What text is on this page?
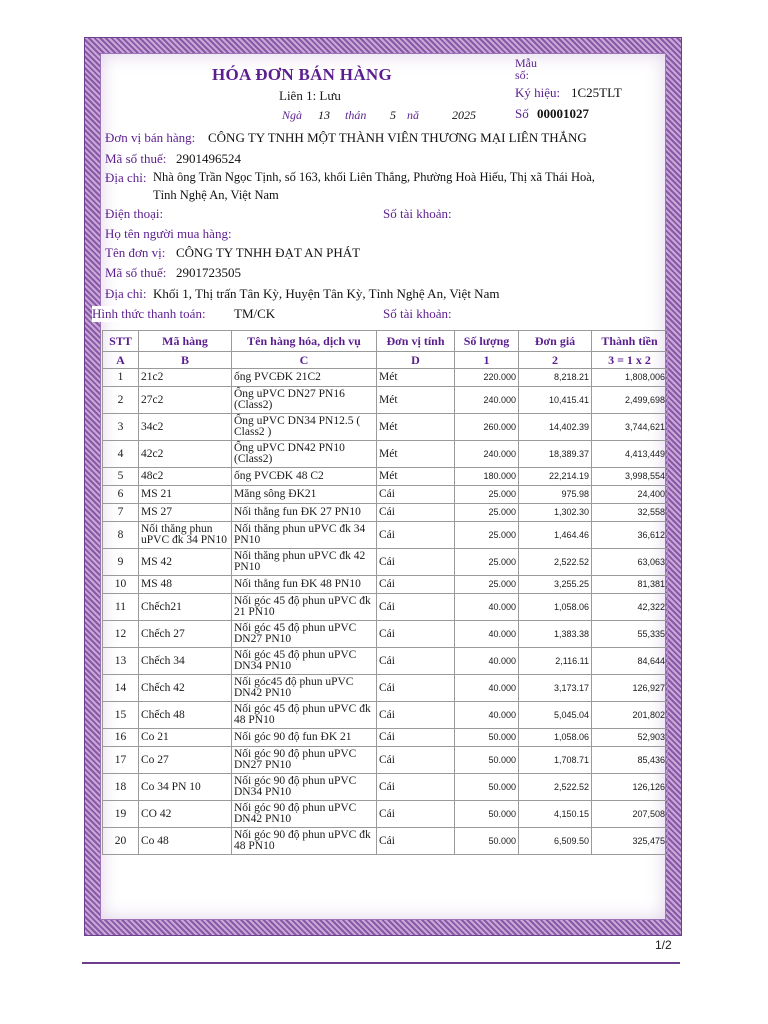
HÓA ĐƠN BÁN HÀNG
Mẫu số:
Liên 1: Lưu	Ký hiệu: 1C25TLT
Số 00001027
Ngà 13 thán 5 nă	2025
Đơn vị bán hàng: CÔNG TY TNHH MỘT THÀNH VIÊN THƯƠNG MẠI LIÊN THẮNG
Mã số thuế: 2901496524
Địa chỉ: Nhà ông Trần Ngọc Tịnh, số 163, khối Liên Thắng, Phường Hoà Hiếu, Thị xã Thái Hoà,
Tỉnh Nghệ An, Việt Nam
Điện thoại:	Số tài khoản:
Họ tên người mua hàng:
Tên đơn vị: CÔNG TY TNHH ĐẠT AN PHÁT
Mã số thuế: 2901723505
Địa chỉ: Khối 1, Thị trấn Tân Kỳ, Huyện Tân Kỳ, Tỉnh Nghệ An, Việt Nam
Hình thức thanh toán: TM/CK	Số tài khoản:
STT	Mã hàng	Tên hàng hóa, dịch vụ	Đơn vị tính	Số lượng	Đơn giá	Thành tiền
A	B	C	D	1	2	3 = 1 x 2
1	21c2	ống PVCĐK 21C2	Mét	220.000	8,218.21	1,808,006
2	27c2	Ống uPVC DN27 PN16 (Class2)	Mét	240.000	10,415.41	2,499,698
3	34c2	Ống uPVC DN34 PN12.5 ( Class2 )	Mét	260.000	14,402.39	3,744,621
4	42c2	Ống uPVC DN42 PN10 (Class2)	Mét	240.000	18,389.37	4,413,449
5	48c2	ống PVCĐK 48 C2	Mét	180.000	22,214.19	3,998,554
6	MS 21	Măng sông ĐK21	Cái	25.000	975.98	24,400
7	MS 27	Nối thẳng fun ĐK 27 PN10	Cái	25.000	1,302.30	32,558
8	Nối thăng phun uPVC đk 34 PN10	Nối thăng phun uPVC đk 34 PN10	Cái	25.000	1,464.46	36,612
9	MS 42	Nối thăng phun uPVC đk 42 PN10	Cái	25.000	2,522.52	63,063
10	MS 48	Nối thẳng fun ĐK 48 PN10	Cái	25.000	3,255.25	81,381
11	Chếch21	Nối góc 45 độ phun uPVC đk 21 PN10	Cái	40.000	1,058.06	42,322
12	Chếch 27	Nối góc 45 độ phun uPVC DN27 PN10	Cái	40.000	1,383.38	55,335
13	Chếch 34	Nối góc 45 độ phun uPVC DN34 PN10	Cái	40.000	2,116.11	84,644
14	Chếch 42	Nối góc45 độ phun uPVC DN42 PN10	Cái	40.000	3,173.17	126,927
15	Chếch 48	Nối góc 45 độ phun uPVC đk 48 PN10	Cái	40.000	5,045.04	201,802
16	Co 21	Nối góc 90 độ fun ĐK 21	Cái	50.000	1,058.06	52,903
17	Co 27	Nối góc 90 độ phun uPVC DN27 PN10	Cái	50.000	1,708.71	85,436
18	Co 34 PN 10	Nối góc 90 độ phun uPVC DN34 PN10	Cái	50.000	2,522.52	126,126
19	CO 42	Nối góc 90 độ phun uPVC DN42 PN10	Cái	50.000	4,150.15	207,508
20	Co 48	Nối góc 90 độ phun uPVC đk 48 PN10	Cái	50.000	6,509.50	325,475
1/2
